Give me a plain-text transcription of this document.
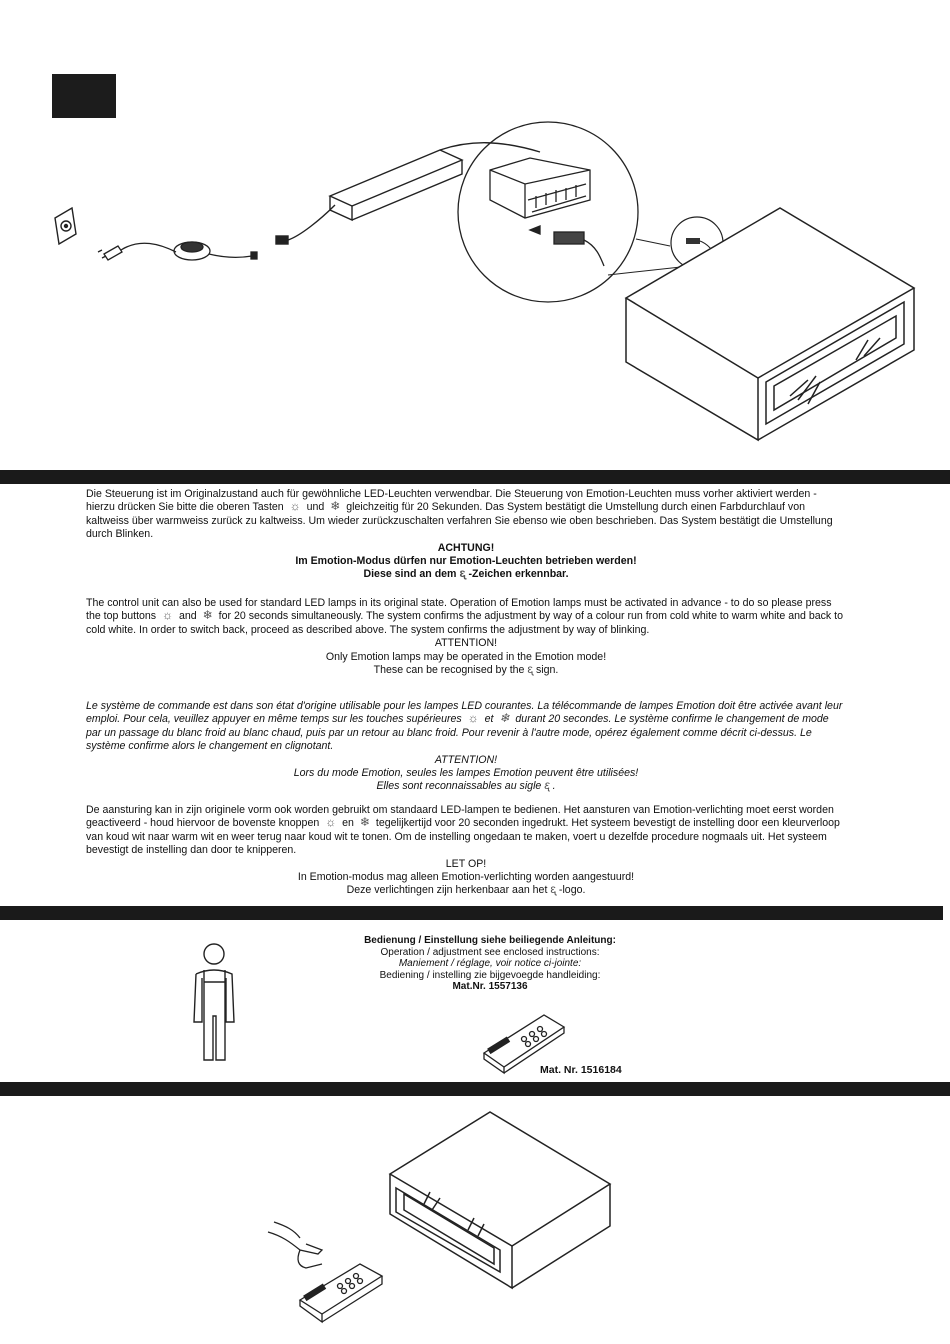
Die Steuerung ist im Originalzustand auch für gewöhnliche LED-Leuchten verwendbar. Die Steuerung von Emotion-Leuchten muss vorher aktiviert werden - hierzu drücken Sie bitte die oberen Tasten ☼ und ❄ gleichzeitig für 20 Sekunden. Das System bestätigt die Umstellung durch einen Farbdurchlauf von kaltweiss über warmweiss zurück zu kaltweiss. Um wieder zurückzuschalten verfahren Sie ebenso wie oben beschrieben. Das System bestätigt die Umstellung durch Blinken.

ACHTUNG!

Im Emotion-Modus dürfen nur Emotion-Leuchten betrieben werden!

Diese sind an dem ᶓ -Zeichen erkennbar.

The control unit can also be used for standard LED lamps in its original state. Operation of Emotion lamps must be activated in advance - to do so please press the top buttons ☼ and ❄ for 20 seconds simultaneously. The system confirms the adjustment by way of a colour run from cold white to warm white and back to cold white. In order to switch back, proceed as described above. The system confirms the adjustment by way of blinking.

ATTENTION!

Only Emotion lamps may be operated in the Emotion mode!

These can be recognised by the ᶓ sign.

Le système de commande est dans son état d'origine utilisable pour les lampes LED courantes. La télécommande de lampes Emotion doit être activée avant leur emploi. Pour cela, veuillez appuyer en même temps sur les touches supérieures ☼ et ❄ durant 20 secondes. Le système confirme le changement de mode par un passage du blanc froid au blanc chaud, puis par un retour au blanc froid. Pour revenir à l'autre mode, opérez également comme décrit ci-dessus. Le système confirme alors le changement en clignotant.

ATTENTION!

Lors du mode Emotion, seules les lampes Emotion peuvent être utilisées!

Elles sont reconnaissables au sigle ᶓ .

De aansturing kan in zijn originele vorm ook worden gebruikt om standaard LED-lampen te bedienen. Het aansturen van Emotion-verlichting moet eerst worden geactiveerd - houd hiervoor de bovenste knoppen ☼ en ❄ tegelijkertijd voor 20 seconden ingedrukt. Het systeem bevestigt de instelling door een kleurverloop van koud wit naar warm wit en weer terug naar koud wit te tonen. Om de instelling ongedaan te maken, voert u dezelfde procedure nogmaals uit. Het systeem bevestigt de instelling dan door te knipperen.

LET OP!

In Emotion-modus mag alleen Emotion-verlichting worden aangestuurd!

Deze verlichtingen zijn herkenbaar aan het ᶓ -logo.

Bedienung / Einstellung siehe beiliegende Anleitung:
Operation / adjustment see enclosed instructions:
Maniement / réglage, voir notice ci-jointe:
Bediening / instelling zie bijgevoegde handleiding:
Mat.Nr. 1557136
Mat. Nr. 1516184
